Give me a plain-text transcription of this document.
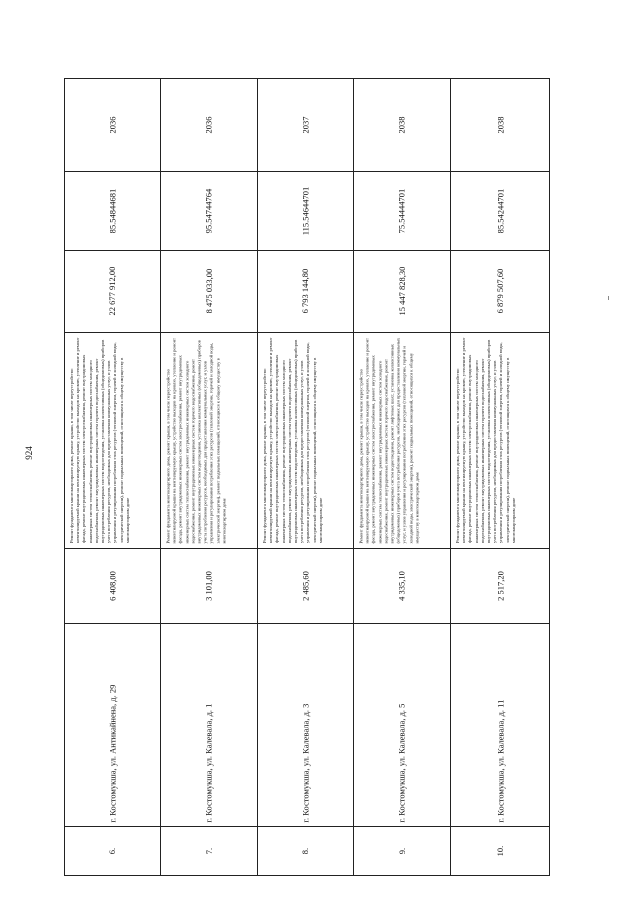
924
2036
85.54844681
22 677 912,00
Ремонт фундамента многоквартирного дома, ремонт крыши, в том числе переустройство невентилируемой крыши на вентилируемую крышу, устройство выходов на кровлю, утепление и ремонт фасада, ремонт внутридомовых инженерных систем электроснабжения, ремонт внутридомовых инженерных систем теплоснабжения, ремонт внутридомовых инженерных систем холодного водоснабжения, ремонт внутридомовых инженерных систем горячего водоснабжения, ремонт внутридомовых инженерных систем водоотведения, установка коллективных (общедомовых) приборов учета потребления ресурсов, необходимых для предоставления коммунальных услуг, и узлов управления и регулирования потребления этих ресурсов (тепловой энергии, горячей и холодной воды, электрической энергии), ремонт подвальных помещений, относящихся к общему имуществу в многоквартирном доме
6 408,00
г. Костомукша, ул. Антикайнена, д. 29
6.
2036
95.54744764
8 475 033,00
Ремонт фундамента многоквартирного дома, ремонт крыши, в том числе переустройство невентилируемой крыши на вентилируемую крышу, устройство выходов на кровлю, утепление и ремонт фасада, ремонт внутридомовых инженерных систем электроснабжения, ремонт внутридомовых инженерных систем теплоснабжения, ремонт внутридомовых инженерных систем холодного водоснабжения, ремонт внутридомовых инженерных систем горячего водоснабжения, ремонт внутридомовых инженерных систем водоотведения, установка коллективных (общедомовых) приборов учета потребления ресурсов, необходимых для предоставления коммунальных услуг, и узлов управления и регулирования потребления этих ресурсов (тепловой энергии, горячей и холодной воды, электрической энергии), ремонт подвальных помещений, относящихся к общему имуществу в многоквартирном доме
3 101,00
г. Костомукша, ул. Калевала, д. 1
7.
2037
115.54644701
6 793 144,80
Ремонт фундамента многоквартирного дома, ремонт крыши, в том числе переустройство невентилируемой крыши на вентилируемую крышу, устройство выходов на кровлю, утепление и ремонт фасада, ремонт внутридомовых инженерных систем электроснабжения, ремонт внутридомовых инженерных систем теплоснабжения, ремонт внутридомовых инженерных систем холодного водоснабжения, ремонт внутридомовых инженерных систем горячего водоснабжения, ремонт внутридомовых инженерных систем водоотведения, установка коллективных (общедомовых) приборов учета потребления ресурсов, необходимых для предоставления коммунальных услуг, и узлов управления и регулирования потребления этих ресурсов (тепловой энергии, горячей и холодной воды, электрической энергии), ремонт подвальных помещений, относящихся к общему имуществу в многоквартирном доме
2 485,60
г. Костомукша, ул. Калевала, д. 3
8.
2038
75.54444701
15 447 828,30
Ремонт фундамента многоквартирного дома, ремонт крыши, в том числе переустройство невентилируемой крыши на вентилируемую крышу, устройство выходов на кровлю, утепление и ремонт фасада, ремонт внутридомовых инженерных систем электроснабжения, ремонт внутридомовых инженерных систем теплоснабжения, ремонт внутридомовых инженерных систем холодного водоснабжения, ремонт внутридомовых инженерных систем горячего водоснабжения, ремонт внутридомовых инженерных систем водоотведения, ремонт лифтовых шахт, установка коллективных (общедомовых) приборов учета потребления ресурсов, необходимых для предоставления коммунальных услуг, и узлов управления и регулирования потребления этих ресурсов (тепловой энергии, горячей и холодной воды, электрической энергии), ремонт подвальных помещений, относящихся к общему имуществу в многоквартирном доме
4 335,10
г. Костомукша, ул. Калевала, д. 5
9.
2038
85.54244701
6 879 507,60
Ремонт фундамента многоквартирного дома, ремонт крыши, в том числе переустройство невентилируемой крыши на вентилируемую крышу, устройство выходов на кровлю, утепление и ремонт фасада, ремонт внутридомовых инженерных систем электроснабжения, ремонт внутридомовых инженерных систем теплоснабжения, ремонт внутридомовых инженерных систем холодного водоснабжения, ремонт внутридомовых инженерных систем горячего водоснабжения, ремонт внутридомовых инженерных систем водоотведения, установка коллективных (общедомовых) приборов учета потребления ресурсов, необходимых для предоставления коммунальных услуг, и узлов управления и регулирования потребления этих ресурсов (тепловой энергии, горячей и холодной воды, электрической энергии), ремонт подвальных помещений, относящихся к общему имуществу в многоквартирном доме
2 517,20
г. Костомукша, ул. Калевала, д. 11
10.
